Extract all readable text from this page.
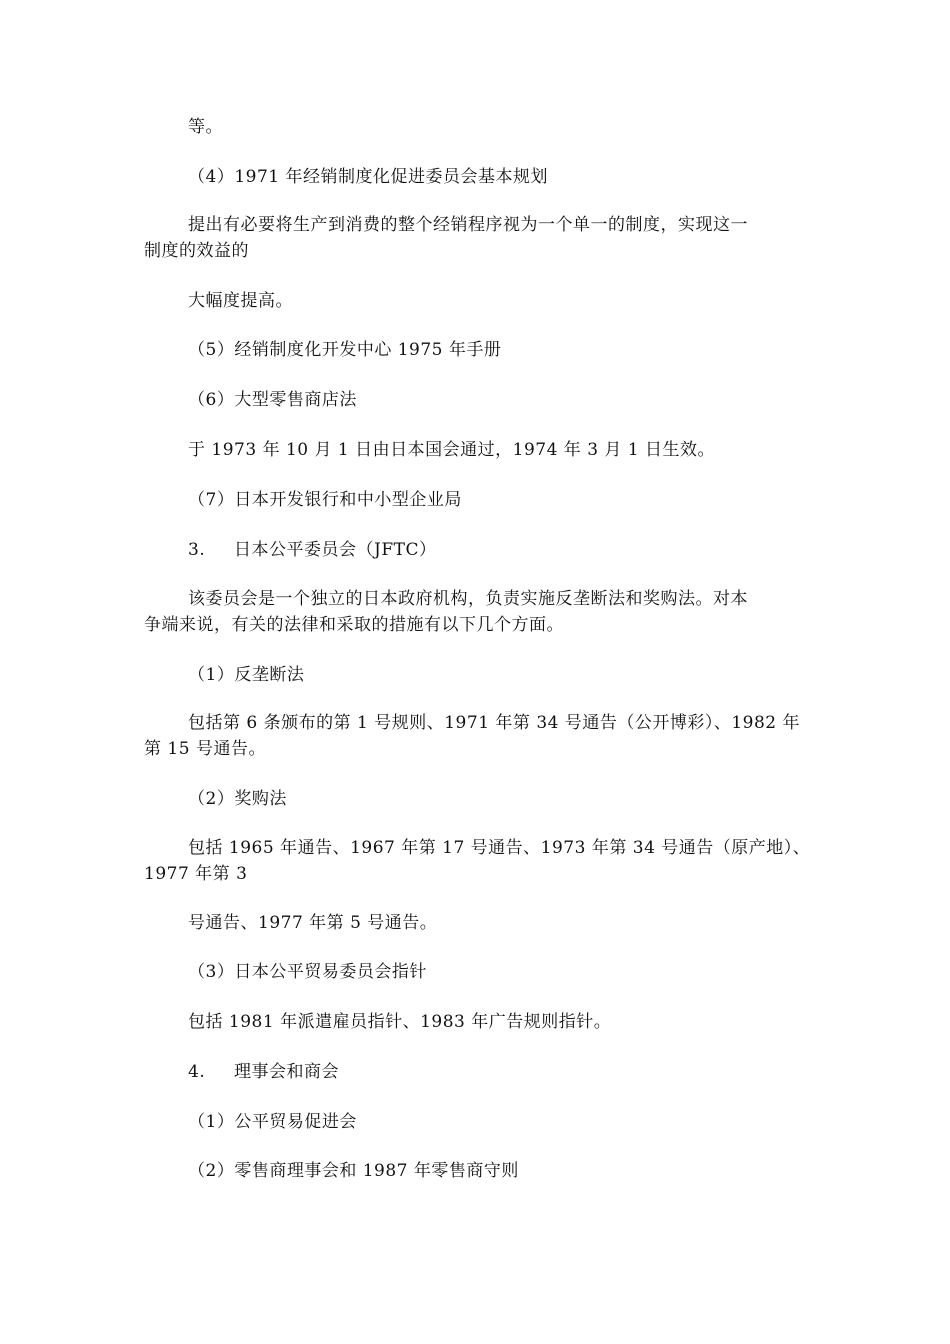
等。
（4）1971 年经销制度化促进委员会基本规划
提出有必要将生产到消费的整个经销程序视为一个单一的制度，实现这一
制度的效益的
大幅度提高。
（5）经销制度化开发中心 1975 年手册
（6）大型零售商店法
于 1973 年 10 月 1 日由日本国会通过，1974 年 3 月 1 日生效。
（7）日本开发银行和中小型企业局
3. 日本公平委员会（JFTC）
该委员会是一个独立的日本政府机构，负责实施反垄断法和奖购法。对本
争端来说，有关的法律和采取的措施有以下几个方面。
（1）反垄断法
包括第 6 条颁布的第 1 号规则、1971 年第 34 号通告（公开博彩）、1982 年
第 15 号通告。
（2）奖购法
包括 1965 年通告、1967 年第 17 号通告、1973 年第 34 号通告（原产地）、
1977 年第 3
号通告、1977 年第 5 号通告。
（3）日本公平贸易委员会指针
包括 1981 年派遣雇员指针、1983 年广告规则指针。
4. 理事会和商会
（1）公平贸易促进会
（2）零售商理事会和 1987 年零售商守则
